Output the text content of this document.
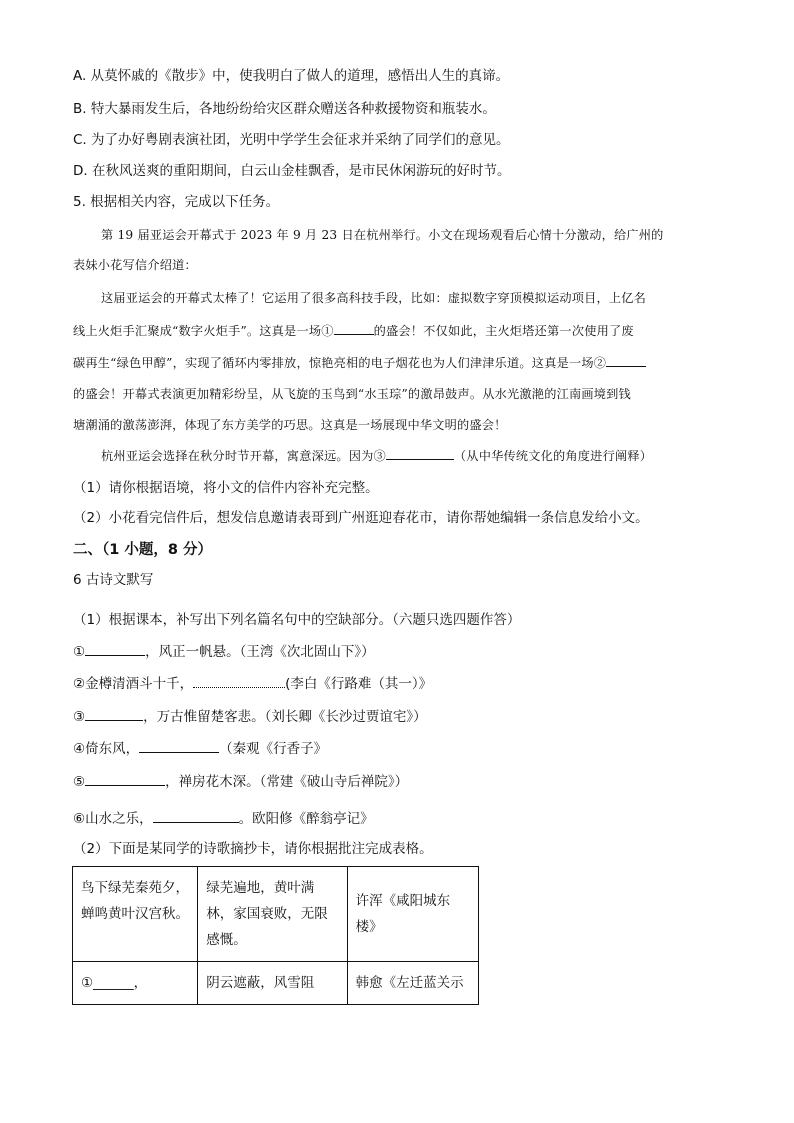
A. 从莫怀戚的《散步》中，使我明白了做人的道理，感悟出人生的真谛。
B. 特大暴雨发生后，各地纷纷给灾区群众赠送各种救援物资和瓶装水。
C. 为了办好粤剧表演社团，光明中学学生会征求并采纳了同学们的意见。
D. 在秋风送爽的重阳期间，白云山金桂飘香，是市民休闲游玩的好时节。
5. 根据相关内容，完成以下任务。
第 19 届亚运会开幕式于 2023 年 9 月 23 日在杭州举行。小文在现场观看后心情十分激动，给广州的
表妹小花写信介绍道：
这届亚运会的开幕式太棒了！它运用了很多高科技手段，比如：虚拟数字穿顶模拟运动项目，上亿名
线上火炬手汇聚成“数字火炬手”。这真是一场①	的盛会！不仅如此，主火炬塔还第一次使用了废
碳再生“绿色甲醇”，实现了循环内零排放，惊艳亮相的电子烟花也为人们津津乐道。这真是一场②
的盛会！开幕式表演更加精彩纷呈，从飞旋的玉鸟到“水玉琮”的激昂鼓声。从水光激滟的江南画境到钱
塘潮涌的激荡澎湃，体现了东方美学的巧思。这真是一场展现中华文明的盛会！
杭州亚运会选择在秋分时节开幕，寓意深远。因为③	（从中华传统文化的角度进行阐释）
（1）请你根据语境，将小文的信件内容补充完整。
（2）小花看完信件后，想发信息邀请表哥到广州逛迎春花市，请你帮她编辑一条信息发给小文。
二、（1 小题，8 分）
6 古诗文默写
（1）根据课本，补写出下列名篇名句中的空缺部分。（六题只选四题作答）
①	，风正一帆悬。（王湾《次北固山下》）
②金樽清酒斗十千，	(李白《行路难（其一）》
③	，万古惟留楚客悲。（刘长卿《长沙过贾谊宅》）
④倚东风，	（秦观《行香子》
⑤	，禅房花木深。（常建《破山寺后禅院》）
⑥山水之乐，	。欧阳修《醉翁亭记》
（2）下面是某同学的诗歌摘抄卡，请你根据批注完成表格。
鸟下绿芜秦苑夕，蝉鸣黄叶汉宫秋。	绿芜遍地，黄叶满林，家国衰败，无限感慨。	许浑《咸阳城东楼》
①______，	阴云遮蔽，风雪阻	韩愈《左迁蓝关示
